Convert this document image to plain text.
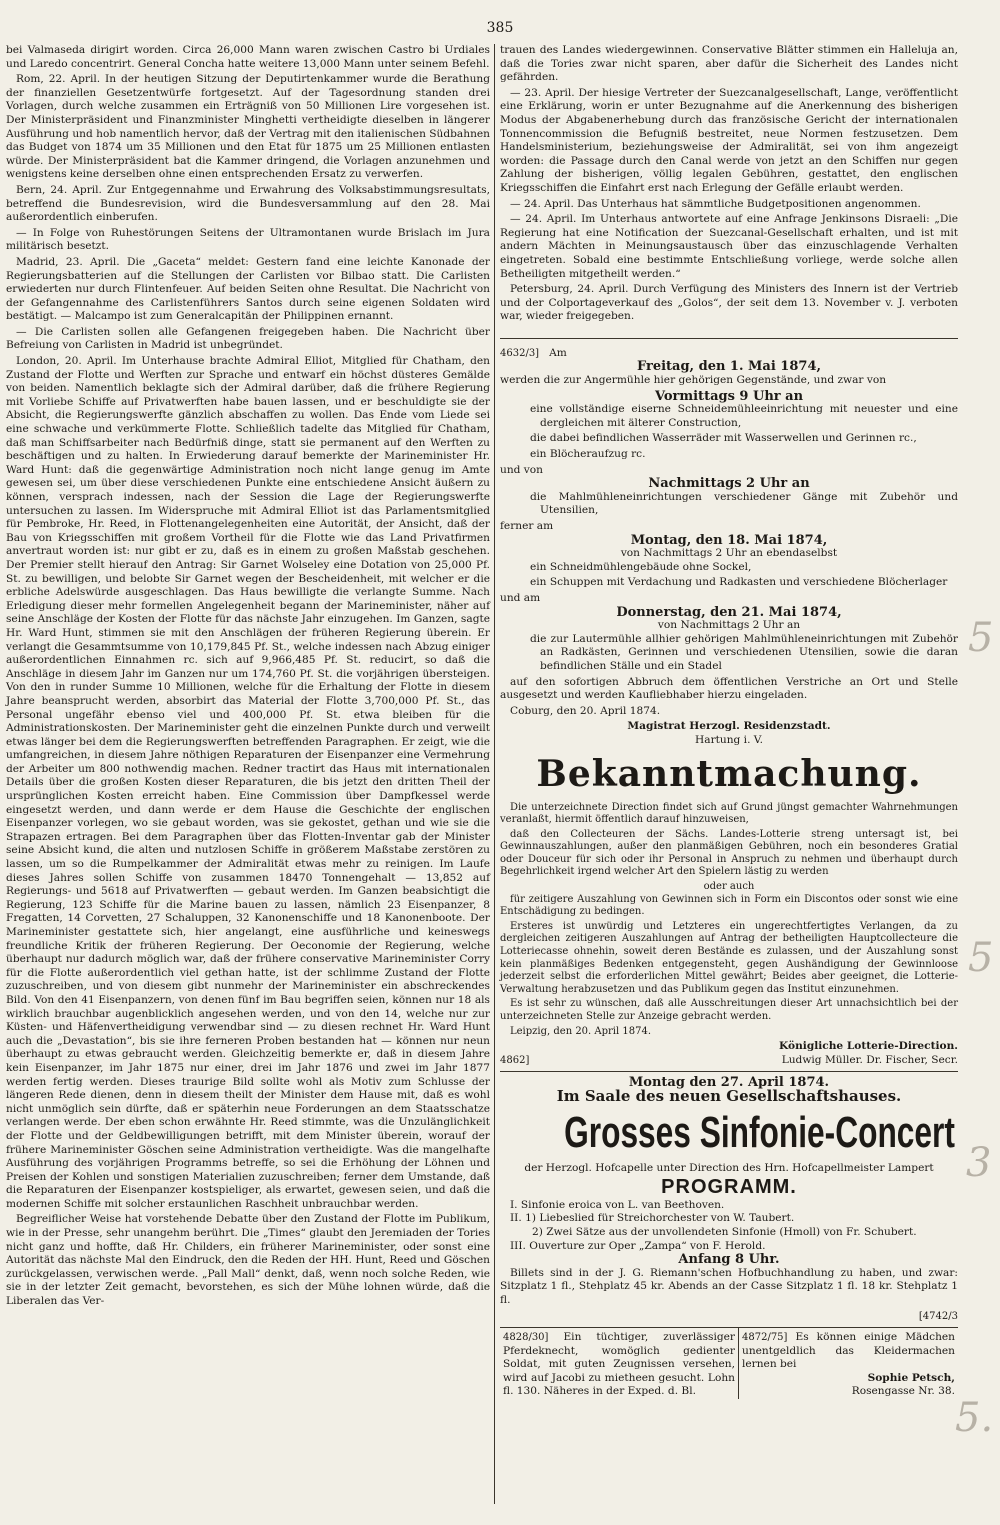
385

bei Valmaseda dirigirt worden. Circa 26,000 Mann waren zwischen Castro bi Urdiales und Laredo concentrirt. General Concha hatte weitere 13,000 Mann unter seinem Befehl.

Rom, 22. April. In der heutigen Sitzung der Deputirtenkammer wurde die Berathung der finanziellen Gesetzentwürfe fortgesetzt. Auf der Tagesordnung standen drei Vorlagen, durch welche zusammen ein Erträgniß von 50 Millionen Lire vorgesehen ist. Der Ministerpräsident und Finanzminister Minghetti vertheidigte dieselben in längerer Ausführung und hob namentlich hervor, daß der Vertrag mit den italienischen Südbahnen das Budget von 1874 um 35 Millionen und den Etat für 1875 um 25 Millionen entlasten würde. Der Ministerpräsident bat die Kammer dringend, die Vorlagen anzunehmen und wenigstens keine derselben ohne einen entsprechenden Ersatz zu verwerfen.

Bern, 24. April. Zur Entgegennahme und Erwahrung des Volksabstimmungsresultats, betreffend die Bundesrevision, wird die Bundesversammlung auf den 28. Mai außerordentlich einberufen.

— In Folge von Ruhestörungen Seitens der Ultramontanen wurde Brislach im Jura militärisch besetzt.

Madrid, 23. April. Die „Gaceta“ meldet: Gestern fand eine leichte Kanonade der Regierungsbatterien auf die Stellungen der Carlisten vor Bilbao statt. Die Carlisten erwiederten nur durch Flintenfeuer. Auf beiden Seiten ohne Resultat. Die Nachricht von der Gefangennahme des Carlistenführers Santos durch seine eigenen Soldaten wird bestätigt. — Malcampo ist zum Generalcapitän der Philippinen ernannt.

— Die Carlisten sollen alle Gefangenen freigegeben haben. Die Nachricht über Befreiung von Carlisten in Madrid ist unbegründet.

London, 20. April. Im Unterhause brachte Admiral Elliot, Mitglied für Chatham, den Zustand der Flotte und Werften zur Sprache und entwarf ein höchst düsteres Gemälde von beiden. Namentlich beklagte sich der Admiral darüber, daß die frühere Regierung mit Vorliebe Schiffe auf Privatwerften habe bauen lassen, und er beschuldigte sie der Absicht, die Regierungswerfte gänzlich abschaffen zu wollen. Das Ende vom Liede sei eine schwache und verkümmerte Flotte. Schließlich tadelte das Mitglied für Chatham, daß man Schiffsarbeiter nach Bedürfniß dinge, statt sie permanent auf den Werften zu beschäftigen und zu halten. In Erwiederung darauf bemerkte der Marineminister Hr. Ward Hunt: daß die gegenwärtige Administration noch nicht lange genug im Amte gewesen sei, um über diese verschiedenen Punkte eine entschiedene Ansicht äußern zu können, versprach indessen, nach der Session die Lage der Regierungswerfte untersuchen zu lassen. Im Widerspruche mit Admiral Elliot ist das Parlamentsmitglied für Pembroke, Hr. Reed, in Flottenangelegenheiten eine Autorität, der Ansicht, daß der Bau von Kriegsschiffen mit großem Vortheil für die Flotte wie das Land Privatfirmen anvertraut worden ist: nur gibt er zu, daß es in einem zu großen Maßstab geschehen. Der Premier stellt hierauf den Antrag: Sir Garnet Wolseley eine Dotation von 25,000 Pf. St. zu bewilligen, und belobte Sir Garnet wegen der Bescheidenheit, mit welcher er die erbliche Adelswürde ausgeschlagen. Das Haus bewilligte die verlangte Summe. Nach Erledigung dieser mehr formellen Angelegenheit begann der Marineminister, näher auf seine Anschläge der Kosten der Flotte für das nächste Jahr einzugehen. Im Ganzen, sagte Hr. Ward Hunt, stimmen sie mit den Anschlägen der früheren Regierung überein. Er verlangt die Gesammtsumme von 10,179,845 Pf. St., welche indessen nach Abzug einiger außerordentlichen Einnahmen rc. sich auf 9,966,485 Pf. St. reducirt, so daß die Anschläge in diesem Jahr im Ganzen nur um 174,760 Pf. St. die vorjährigen übersteigen. Von den in runder Summe 10 Millionen, welche für die Erhaltung der Flotte in diesem Jahre beansprucht werden, absorbirt das Material der Flotte 3,700,000 Pf. St., das Personal ungefähr ebenso viel und 400,000 Pf. St. etwa bleiben für die Administrationskosten. Der Marineminister geht die einzelnen Punkte durch und verweilt etwas länger bei dem die Regierungswerften betreffenden Paragraphen. Er zeigt, wie die umfangreichen, in diesem Jahre nöthigen Reparaturen der Eisenpanzer eine Vermehrung der Arbeiter um 800 nothwendig machen. Redner tractirt das Haus mit internationalen Details über die großen Kosten dieser Reparaturen, die bis jetzt den dritten Theil der ursprünglichen Kosten erreicht haben. Eine Commission über Dampfkessel werde eingesetzt werden, und dann werde er dem Hause die Geschichte der englischen Eisenpanzer vorlegen, wo sie gebaut worden, was sie gekostet, gethan und wie sie die Strapazen ertragen. Bei dem Paragraphen über das Flotten-Inventar gab der Minister seine Absicht kund, die alten und nutzlosen Schiffe in größerem Maßstabe zerstören zu lassen, um so die Rumpelkammer der Admiralität etwas mehr zu reinigen. Im Laufe dieses Jahres sollen Schiffe von zusammen 18470 Tonnengehalt — 13,852 auf Regierungs- und 5618 auf Privatwerften — gebaut werden. Im Ganzen beabsichtigt die Regierung, 123 Schiffe für die Marine bauen zu lassen, nämlich 23 Eisenpanzer, 8 Fregatten, 14 Corvetten, 27 Schaluppen, 32 Kanonenschiffe und 18 Kanonenboote. Der Marineminister gestattete sich, hier angelangt, eine ausführliche und keineswegs freundliche Kritik der früheren Regierung. Der Oeconomie der Regierung, welche überhaupt nur dadurch möglich war, daß der frühere conservative Marineminister Corry für die Flotte außerordentlich viel gethan hatte, ist der schlimme Zustand der Flotte zuzuschreiben, und von diesem gibt nunmehr der Marineminister ein abschreckendes Bild. Von den 41 Eisenpanzern, von denen fünf im Bau begriffen seien, können nur 18 als wirklich brauchbar augenblicklich angesehen werden, und von den 14, welche nur zur Küsten- und Häfenvertheidigung verwendbar sind — zu diesen rechnet Hr. Ward Hunt auch die „Devastation“, bis sie ihre ferneren Proben bestanden hat — können nur neun überhaupt zu etwas gebraucht werden. Gleichzeitig bemerkte er, daß in diesem Jahre kein Eisenpanzer, im Jahr 1875 nur einer, drei im Jahr 1876 und zwei im Jahr 1877 werden fertig werden. Dieses traurige Bild sollte wohl als Motiv zum Schlusse der längeren Rede dienen, denn in diesem theilt der Minister dem Hause mit, daß es wohl nicht unmöglich sein dürfte, daß er späterhin neue Forderungen an dem Staatsschatze verlangen werde. Der eben schon erwähnte Hr. Reed stimmte, was die Unzulänglichkeit der Flotte und der Geldbewilligungen betrifft, mit dem Minister überein, worauf der frühere Marineminister Göschen seine Administration vertheidigte. Was die mangelhafte Ausführung des vorjährigen Programms betreffe, so sei die Erhöhung der Löhnen und Preisen der Kohlen und sonstigen Materialien zuzuschreiben; ferner dem Umstande, daß die Reparaturen der Eisenpanzer kostspieliger, als erwartet, gewesen seien, und daß die modernen Schiffe mit solcher erstaunlichen Raschheit unbrauchbar werden.

Begreiflicher Weise hat vorstehende Debatte über den Zustand der Flotte im Publikum, wie in der Presse, sehr unangehm berührt. Die „Times“ glaubt den Jeremiaden der Tories nicht ganz und hoffte, daß Hr. Childers, ein früherer Marineminister, oder sonst eine Autorität das nächste Mal den Eindruck, den die Reden der HH. Hunt, Reed und Göschen zurückgelassen, verwischen werde. „Pall Mall“ denkt, daß, wenn noch solche Reden, wie sie in der letzter Zeit gemacht, bevorstehen, es sich der Mühe lohnen würde, daß die Liberalen das Ver-

trauen des Landes wiedergewinnen. Conservative Blätter stimmen ein Halleluja an, daß die Tories zwar nicht sparen, aber dafür die Sicherheit des Landes nicht gefährden.

— 23. April. Der hiesige Vertreter der Suezcanalgesellschaft, Lange, veröffentlicht eine Erklärung, worin er unter Bezugnahme auf die Anerkennung des bisherigen Modus der Abgabenerhebung durch das französische Gericht der internationalen Tonnencommission die Befugniß bestreitet, neue Normen festzusetzen. Dem Handelsministerium, beziehungsweise der Admiralität, sei von ihm angezeigt worden: die Passage durch den Canal werde von jetzt an den Schiffen nur gegen Zahlung der bisherigen, völlig legalen Gebühren, gestattet, den englischen Kriegsschiffen die Einfahrt erst nach Erlegung der Gefälle erlaubt werden.

— 24. April. Das Unterhaus hat sämmtliche Budgetpositionen angenommen.

— 24. April. Im Unterhaus antwortete auf eine Anfrage Jenkinsons Disraeli: „Die Regierung hat eine Notification der Suezcanal-Gesellschaft erhalten, und ist mit andern Mächten in Meinungsaustausch über das einzuschlagende Verhalten eingetreten. Sobald eine bestimmte Entschließung vorliege, werde solche allen Betheiligten mitgetheilt werden.“

Petersburg, 24. April. Durch Verfügung des Ministers des Innern ist der Vertrieb und der Colportageverkauf des „Golos“, der seit dem 13. November v. J. verboten war, wieder freigegeben.

4632/3] Am
Freitag, den 1. Mai 1874,

werden die zur Angermühle hier gehörigen Gegenstände, und zwar von

Vormittags 9 Uhr an

eine vollständige eiserne Schneidemühleeinrichtung mit neuester und eine dergleichen mit älterer Construction,

die dabei befindlichen Wasserräder mit Wasserwellen und Gerinnen rc.,

ein Blöcheraufzug rc.

und von
Nachmittags 2 Uhr an

die Mahlmühleneinrichtungen verschiedener Gänge mit Zubehör und Utensilien,

ferner am
Montag, den 18. Mai 1874,
von Nachmittags 2 Uhr an ebendaselbst

ein Schneidmühlengebäude ohne Sockel,

ein Schuppen mit Verdachung und Radkasten und verschiedene Blöcherlager

und am
Donnerstag, den 21. Mai 1874,
von Nachmittags 2 Uhr an

die zur Lautermühle allhier gehörigen Mahlmühleneinrichtungen mit Zubehör an Radkästen, Gerinnen und verschiedenen Utensilien, sowie die daran befindlichen Ställe und ein Stadel

auf den sofortigen Abbruch dem öffentlichen Verstriche an Ort und Stelle ausgesetzt und werden Kaufliebhaber hierzu eingeladen.

Coburg, den 20. April 1874.

Magistrat Herzogl. Residenzstadt.
Hartung i. V.
Bekanntmachung.

Die unterzeichnete Direction findet sich auf Grund jüngst gemachter Wahrnehmungen veranlaßt, hiermit öffentlich darauf hinzuweisen,

daß den Collecteuren der Sächs. Landes-Lotterie streng untersagt ist, bei Gewinnauszahlungen, außer den planmäßigen Gebühren, noch ein besonderes Gratial oder Douceur für sich oder ihr Personal in Anspruch zu nehmen und überhaupt durch Begehrlichkeit irgend welcher Art den Spielern lästig zu werden

oder auch

für zeitigere Auszahlung von Gewinnen sich in Form ein Discontos oder sonst wie eine Entschädigung zu bedingen.

Ersteres ist unwürdig und Letzteres ein ungerechtfertigtes Verlangen, da zu dergleichen zeitigeren Auszahlungen auf Antrag der betheiligten Hauptcollecteure die Lotteriecasse ohnehin, soweit deren Bestände es zulassen, und der Auszahlung sonst kein planmäßiges Bedenken entgegensteht, gegen Aushändigung der Gewinnloose jederzeit selbst die erforderlichen Mittel gewährt; Beides aber geeignet, die Lotterie-Verwaltung herabzusetzen und das Publikum gegen das Institut einzunehmen.

Es ist sehr zu wünschen, daß alle Ausschreitungen dieser Art unnachsichtlich bei der unterzeichneten Stelle zur Anzeige gebracht werden.

Leipzig, den 20. April 1874.

Königliche Lotterie-Direction.
4862]	Ludwig Müller. Dr. Fischer, Secr.
Montag den 27. April 1874.
Im Saale des neuen Gesellschaftshauses.
Grosses Sinfonie-Concert
der Herzogl. Hofcapelle unter Direction des Hrn. Hofcapellmeister Lampert
PROGRAMM.
I. Sinfonie eroica von L. van Beethoven.
II. 1) Liebeslied für Streichorchester von W. Taubert.
2) Zwei Sätze aus der unvollendeten Sinfonie (Hmoll) von Fr. Schubert.
III. Ouverture zur Oper „Zampa“ von F. Herold.
Anfang 8 Uhr.

Billets sind in der J. G. Riemann'schen Hofbuchhandlung zu haben, und zwar: Sitzplatz 1 fl., Stehplatz 45 kr. Abends an der Casse Sitzplatz 1 fl. 18 kr. Stehplatz 1 fl.

[4742/3
4828/30] Ein tüchtiger, zuverlässiger Pferdeknecht, womöglich gedienter Soldat, mit guten Zeugnissen versehen, wird auf Jacobi zu mietheen gesucht. Lohn fl. 130. Näheres in der Exped. d. Bl.
4872/75] Es können einige Mädchen unentgeldlich das Kleidermachen lernen bei
Sophie Petsch,
Rosengasse Nr. 38.
5
5
3
5.
